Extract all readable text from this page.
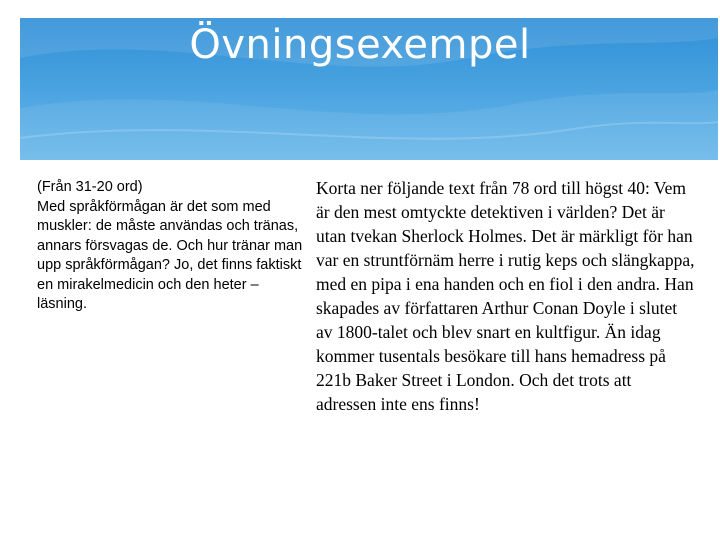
Övningsexempel
(Från 31-20 ord)
Med språkförmågan är det som med muskler: de måste användas och tränas, annars försvagas de. Och hur tränar man upp språkförmågan? Jo, det finns faktiskt en mirakelmedicin och den heter – läsning.
Korta ner följande text från 78 ord till högst 40: Vem är den mest omtyckte detektiven i världen? Det är utan tvekan Sherlock Holmes. Det är märkligt för han var en struntförnäm herre i rutig keps och slängkappa, med en pipa i ena handen och en fiol i den andra. Han skapades av författaren Arthur Conan Doyle i slutet av 1800-talet och blev snart en kultfigur. Än idag kommer tusentals besökare till hans hemadress på 221b Baker Street i London. Och det trots att adressen inte ens finns!
